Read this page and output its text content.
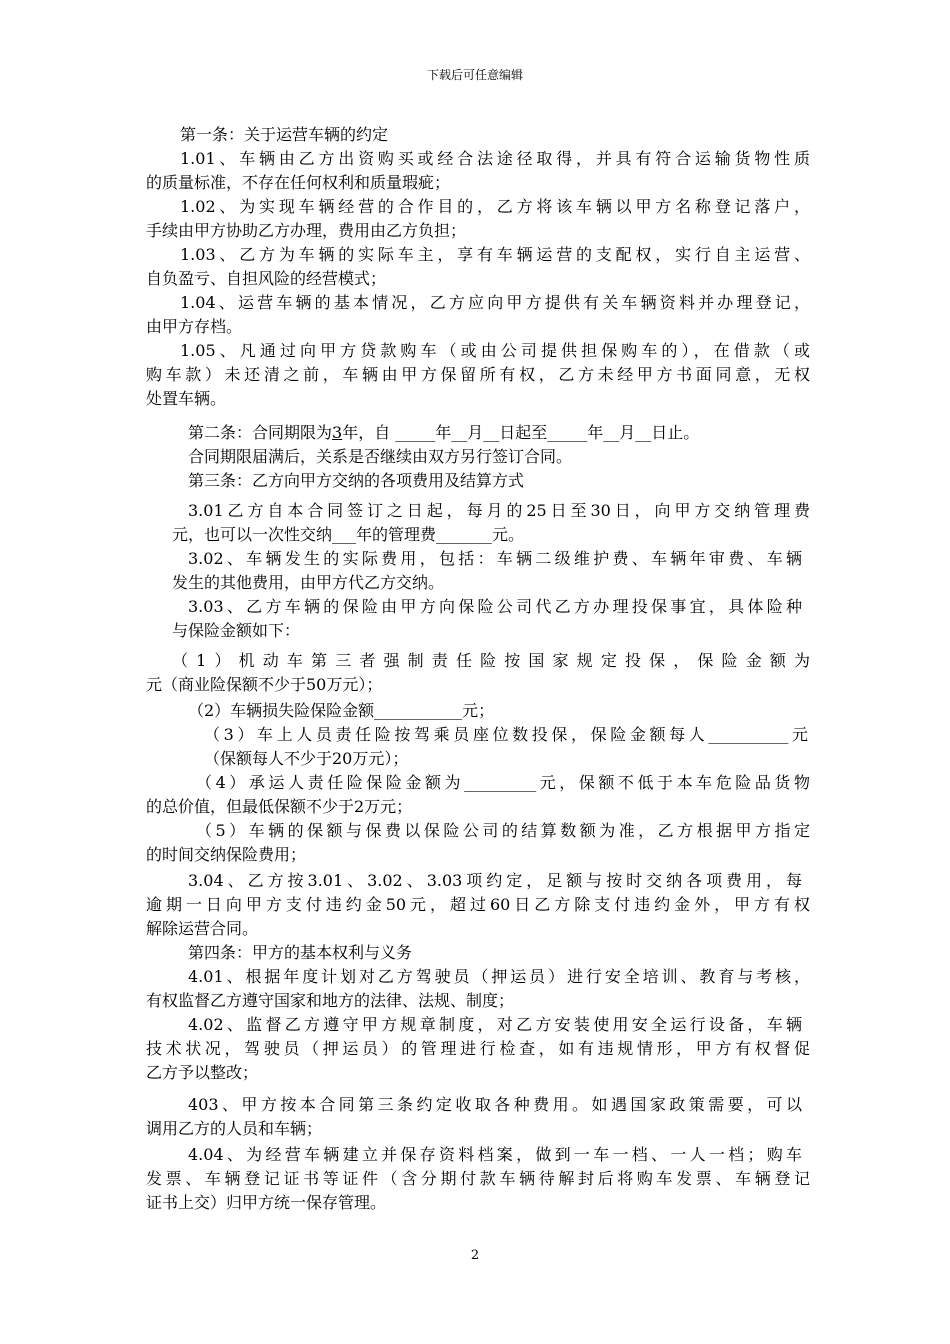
下载后可任意编辑
第一条：关于运营车辆的约定
1.01、车辆由乙方出资购买或经合法途径取得，并具有符合运输货物性质
的质量标准，不存在任何权利和质量瑕疵；
1.02、为实现车辆经营的合作目的，乙方将该车辆以甲方名称登记落户，
手续由甲方协助乙方办理，费用由乙方负担；
1.03、乙方为车辆的实际车主，享有车辆运营的支配权，实行自主运营、
自负盈亏、自担风险的经营模式；
1.04、运营车辆的基本情况，乙方应向甲方提供有关车辆资料并办理登记，
由甲方存档。
1.05、凡通过向甲方贷款购车（或由公司提供担保购车的），在借款（或
购车款）未还清之前，车辆由甲方保留所有权，乙方未经甲方书面同意，无权
处置车辆。
第二条：合同期限为3年，自 _____年__月__日起至_____年__月__日止。
合同期限届满后，关系是否继续由双方另行签订合同。
第三条：乙方向甲方交纳的各项费用及结算方式
3.01乙方自本合同签订之日起，每月的25日至30日，向甲方交纳管理费
元，也可以一次性交纳___年的管理费_______元。
3.02、车辆发生的实际费用，包括：车辆二级维护费、车辆年审费、车辆
发生的其他费用，由甲方代乙方交纳。
3.03、乙方车辆的保险由甲方向保险公司代乙方办理投保事宜，具体险种
与保险金额如下：
（1）机动车第三者强制责任险按国家规定投保，保险金额为
元（商业险保额不少于50万元）；
（2）车辆损失险保险金额___________元；
（3）车上人员责任险按驾乘员座位数投保，保险金额每人__________元
（保额每人不少于20万元）；
（4）承运人责任险保险金额为_________元，保额不低于本车危险品货物
的总价值，但最低保额不少于2万元；
（5）车辆的保额与保费以保险公司的结算数额为准，乙方根据甲方指定
的时间交纳保险费用；
3.04、乙方按3.01、3.02、3.03项约定，足额与按时交纳各项费用，每
逾期一日向甲方支付违约金50元，超过60日乙方除支付违约金外，甲方有权
解除运营合同。
第四条：甲方的基本权利与义务
4.01、根据年度计划对乙方驾驶员（押运员）进行安全培训、教育与考核，
有权监督乙方遵守国家和地方的法律、法规、制度；
4.02、监督乙方遵守甲方规章制度，对乙方安装使用安全运行设备，车辆
技术状况，驾驶员（押运员）的管理进行检查，如有违规情形，甲方有权督促
乙方予以整改；
403、甲方按本合同第三条约定收取各种费用。如遇国家政策需要，可以
调用乙方的人员和车辆；
4.04、为经营车辆建立并保存资料档案，做到一车一档、一人一档；购车
发票、车辆登记证书等证件（含分期付款车辆待解封后将购车发票、车辆登记
证书上交）归甲方统一保存管理。
2
